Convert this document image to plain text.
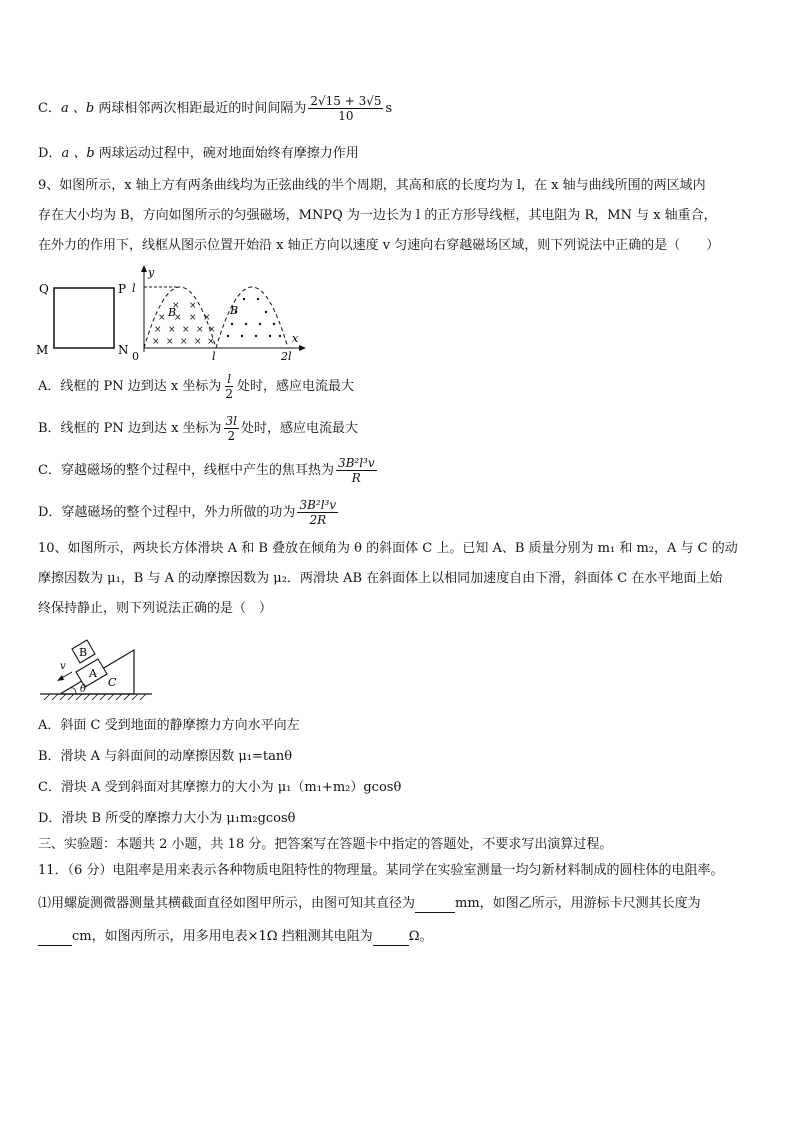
C．a 、b 两球相邻两次相距最近的时间间隔为 $\frac{2√15 + 3√5}{10}$ s
D．a 、b 两球运动过程中，碗对地面始终有摩擦力作用
9、如图所示，x 轴上方有两条曲线均为正弦曲线的半个周期，其高和底的长度均为 l，在 x 轴与曲线所围的两区域内
存在大小均为 B，方向如图所示的匀强磁场，MNPQ 为一边长为 l 的正方形导线框，其电阻为 R，MN 与 x 轴重合，
在外力的作用下，线框从图示位置开始沿 x 轴正方向以速度 v 匀速向右穿越磁场区域，则下列说法中正确的是（　　）
Q	P
M	N
y
x
l
× ×
× × × ×
× × × × ×
× × × × ×
B	B
0	l	2l
A．线框的 PN 边到达 x 坐标为 $\frac{l}{2}$ 处时，感应电流最大
B．线框的 PN 边到达 x 坐标为 $\frac{3l}{2}$ 处时，感应电流最大
C．穿越磁场的整个过程中，线框中产生的焦耳热为 $\frac{\text{3B²l³v}}{R}$
D．穿越磁场的整个过程中，外力所做的功为 $\frac{\text{3B²l³v}}{2R}$
10、如图所示，两块长方体滑块 A 和 B 叠放在倾角为 θ 的斜面体 C 上。已知 A、B 质量分别为 m₁ 和 m₂，A 与 C 的动
摩擦因数为 μ₁，B 与 A 的动摩擦因数为 μ₂．两滑块 AB 在斜面体上以相同加速度自由下滑，斜面体 C 在水平地面上始
终保持静止，则下列说法正确的是（　）
B
A
C
v
θ
A．斜面 C 受到地面的静摩擦力方向水平向左
B．滑块 A 与斜面间的动摩擦因数 μ₁=tanθ
C．滑块 A 受到斜面对其摩擦力的大小为 μ₁（m₁+m₂）gcosθ
D．滑块 B 所受的摩擦力大小为 μ₁m₂gcosθ
三、实验题：本题共 2 小题，共 18 分。把答案写在答题卡中指定的答题处，不要求写出演算过程。
11．（6 分）电阻率是用来表示各种物质电阻特性的物理量。某同学在实验室测量一均匀新材料制成的圆柱体的电阻率。
⑴用螺旋测微器测量其横截面直径如图甲所示，由图可知其直径为	mm，如图乙所示，用游标卡尺测其长度为
cm，如图丙所示，用多用电表×1Ω 挡粗测其电阻为	Ω。
